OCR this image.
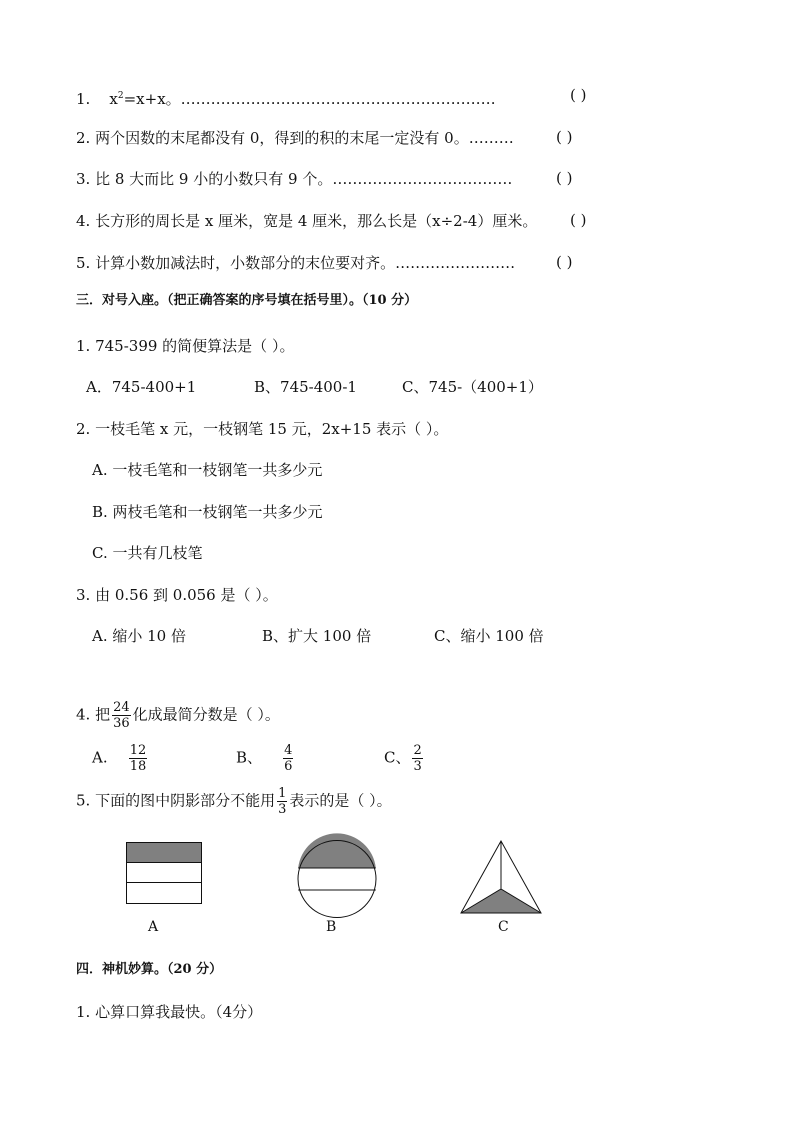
1. $x^2=x+x$。………………………………………………………	( )
2. 两个因数的末尾都没有 0，得到的积的末尾一定没有 0。………	( )
3. 比 8 大而比 9 小的小数只有 9 个。………………………………	( )
4. 长方形的周长是 x 厘米，宽是 4 厘米，那么长是（x÷2-4）厘米。 ( )
5. 计算小数加减法时，小数部分的末位要对齐。……………………	( )
三．对号入座。（把正确答案的序号填在括号里）。（10 分）
1. 745-399 的简便算法是（ ）。
A．745-400+1	B、745-400-1	C、745-（400+1）
2. 一枝毛笔 x 元，一枝钢笔 15 元，2x+15 表示（ ）。
A. 一枝毛笔和一枝钢笔一共多少元
B. 两枝毛笔和一枝钢笔一共多少元
C. 一共有几枝笔
3. 由 0.56 到 0.056 是（ ）。
A. 缩小 10 倍	B、扩大 100 倍	C、缩小 100 倍
4. 把 $\frac{24}{36}$ 化成最简分数是（ ）。
A. $\frac{12}{18}$	B、 $\frac{4}{6}$	C、 $\frac{2}{3}$
5. 下面的图中阴影部分不能用 $\frac{1}{3}$ 表示的是（ ）。
A	B	C
四．神机妙算。（20 分）
1. 心算口算我最快。（4分）
